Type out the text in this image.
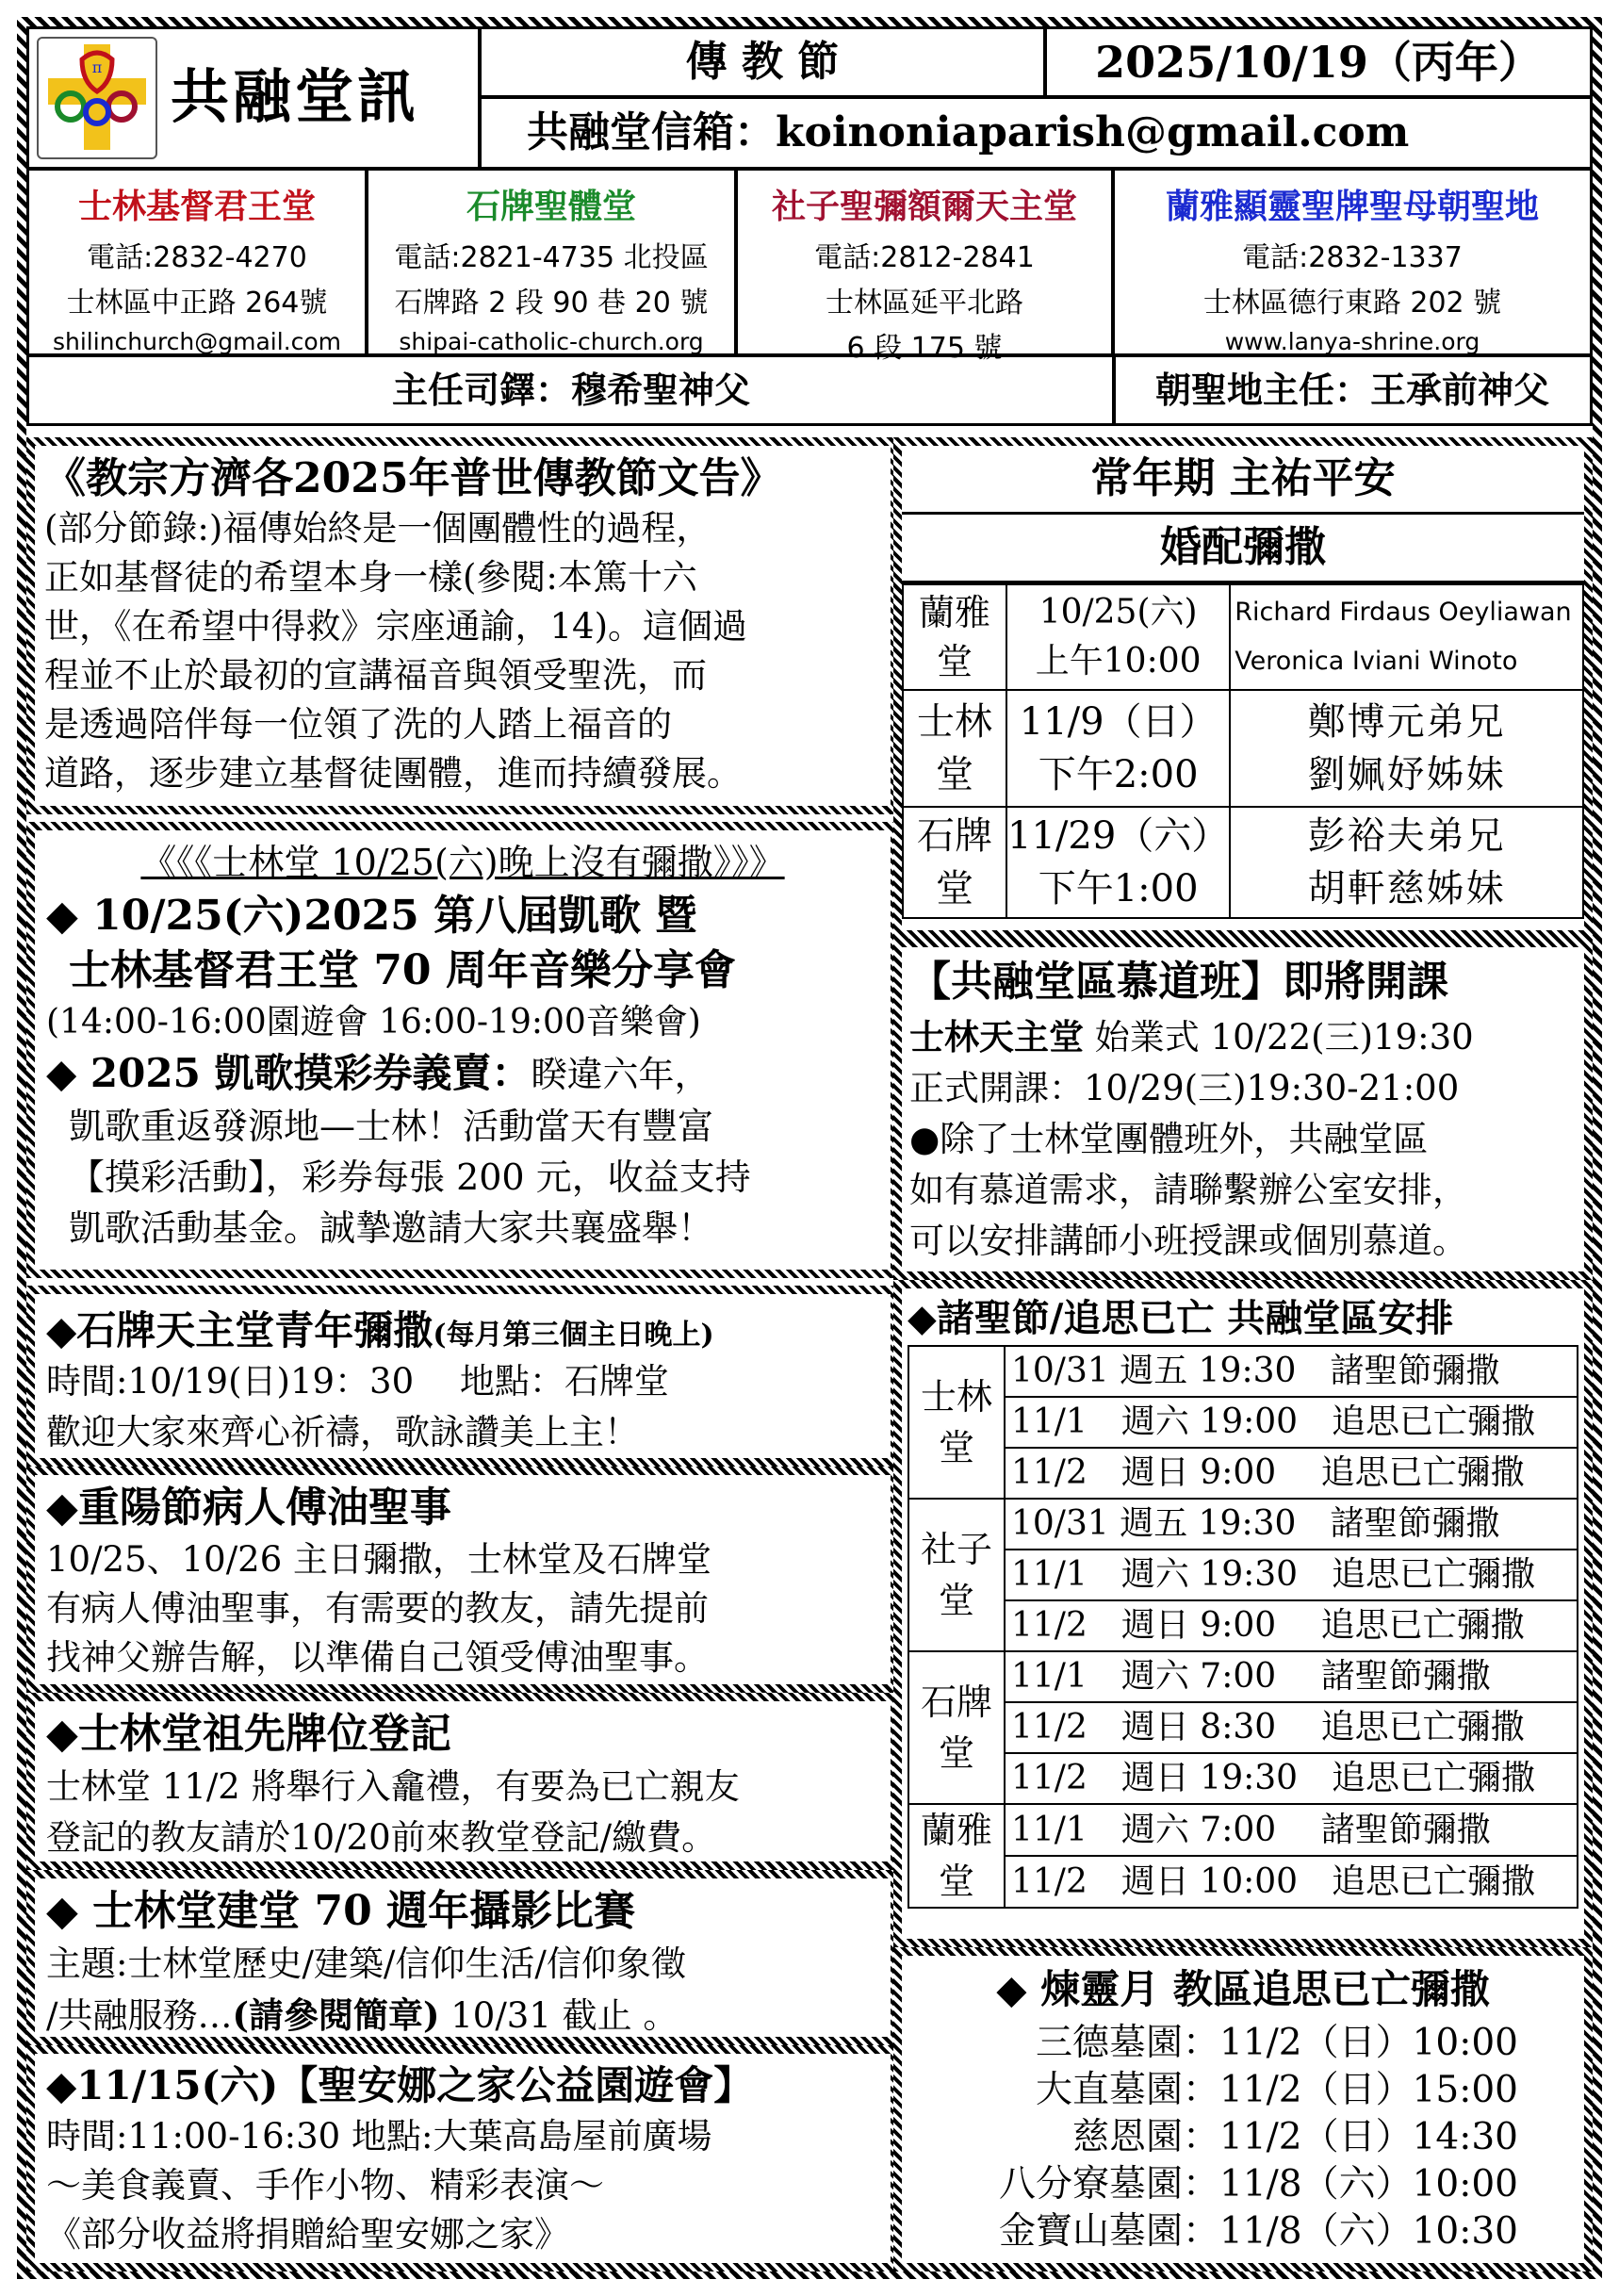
π 共融堂訊
傳 教 節	2025/10/19（丙年）
共融堂信箱：koinoniaparish@gmail.com
士林基督君王堂
電話:2832-4270
士林區中正路 264號
shilinchurch@gmail.com
石牌聖體堂
電話:2821-4735 北投區
石牌路 2 段 90 巷 20 號
shipai-catholic-church.org
社子聖彌額爾天主堂
電話:2812-2841
士林區延平北路
6 段 175 號
蘭雅顯靈聖牌聖母朝聖地
電話:2832-1337
士林區德行東路 202 號
www.lanya-shrine.org
主任司鐸：穆希聖神父	朝聖地主任：王承前神父
《教宗方濟各2025年普世傳教節文告》
(部分節錄:)福傳始終是一個團體性的過程，
正如基督徒的希望本身一樣(參閱:本篤十六
世，《在希望中得救》宗座通諭，14)。這個過
程並不止於最初的宣講福音與領受聖洗，而
是透過陪伴每一位領了洗的人踏上福音的
道路，逐步建立基督徒團體，進而持續發展。
《《《士林堂 10/25(六)晚上沒有彌撒》》》
◆ 10/25(六)2025 第八屆凱歌 暨
士林基督君王堂 70 周年音樂分享會
(14:00-16:00園遊會 16:00-19:00音樂會)
◆ 2025 凱歌摸彩券義賣：睽違六年，
凱歌重返發源地—士林！活動當天有豐富
【摸彩活動】，彩券每張 200 元，收益支持
凱歌活動基金。誠摯邀請大家共襄盛舉！
◆石牌天主堂青年彌撒(每月第三個主日晚上)
時間:10/19(日)19：30　 地點：石牌堂
歡迎大家來齊心祈禱，歌詠讚美上主！
◆重陽節病人傅油聖事
10/25、10/26 主日彌撒，士林堂及石牌堂
有病人傅油聖事，有需要的教友，請先提前
找神父辦告解，以準備自己領受傅油聖事。
◆士林堂祖先牌位登記
士林堂 11/2 將舉行入龕禮，有要為已亡親友
登記的教友請於10/20前來教堂登記/繳費。
◆ 士林堂建堂 70 週年攝影比賽
主題:士林堂歷史/建築/信仰生活/信仰象徵
/共融服務…(請參閱簡章) 10/31 截止 。
◆11/15(六)【聖安娜之家公益園遊會】
時間:11:00-16:30 地點:大葉高島屋前廣場
～美食義賣、手作小物、精彩表演～
《部分收益將捐贈給聖安娜之家》
常年期 主祐平安
婚配彌撒
蘭雅
堂	10/25(六)
上午10:00	Richard Firdaus Oeyliawan
Veronica Iviani Winoto

士林
堂	11/9（日）
下午2:00	鄭博元弟兄
劉姵妤姊妹

石牌
堂	11/29（六）
下午1:00	彭裕夫弟兄
胡軒慈姊妹
【共融堂區慕道班】即將開課
士林天主堂 始業式 10/22(三)19:30
正式開課：10/29(三)19:30-21:00
●除了士林堂團體班外，共融堂區
如有慕道需求，請聯繫辦公室安排，
可以安排講師小班授課或個別慕道。
◆諸聖節/追思已亡 共融堂區安排
士林
堂	10/31 週五 19:30　諸聖節彌撒
	11/1　週六 19:00　追思已亡彌撒
	11/2　週日 9:00　 追思已亡彌撒

社子
堂	10/31 週五 19:30　諸聖節彌撒
	11/1　週六 19:30　追思已亡彌撒
	11/2　週日 9:00　 追思已亡彌撒

石牌
堂	11/1　週六 7:00　 諸聖節彌撒
	11/2　週日 8:30　 追思已亡彌撒
	11/2　週日 19:30　追思已亡彌撒

蘭雅
堂	11/1　週六 7:00　 諸聖節彌撒
	11/2　週日 10:00　追思已亡彌撒
◆ 煉靈月 教區追思已亡彌撒
三德墓園：11/2（日）10:00
大直墓園：11/2（日）15:00
慈恩園：11/2（日）14:30
八分寮墓園：11/8（六）10:00
金寶山墓園：11/8（六）10:30
